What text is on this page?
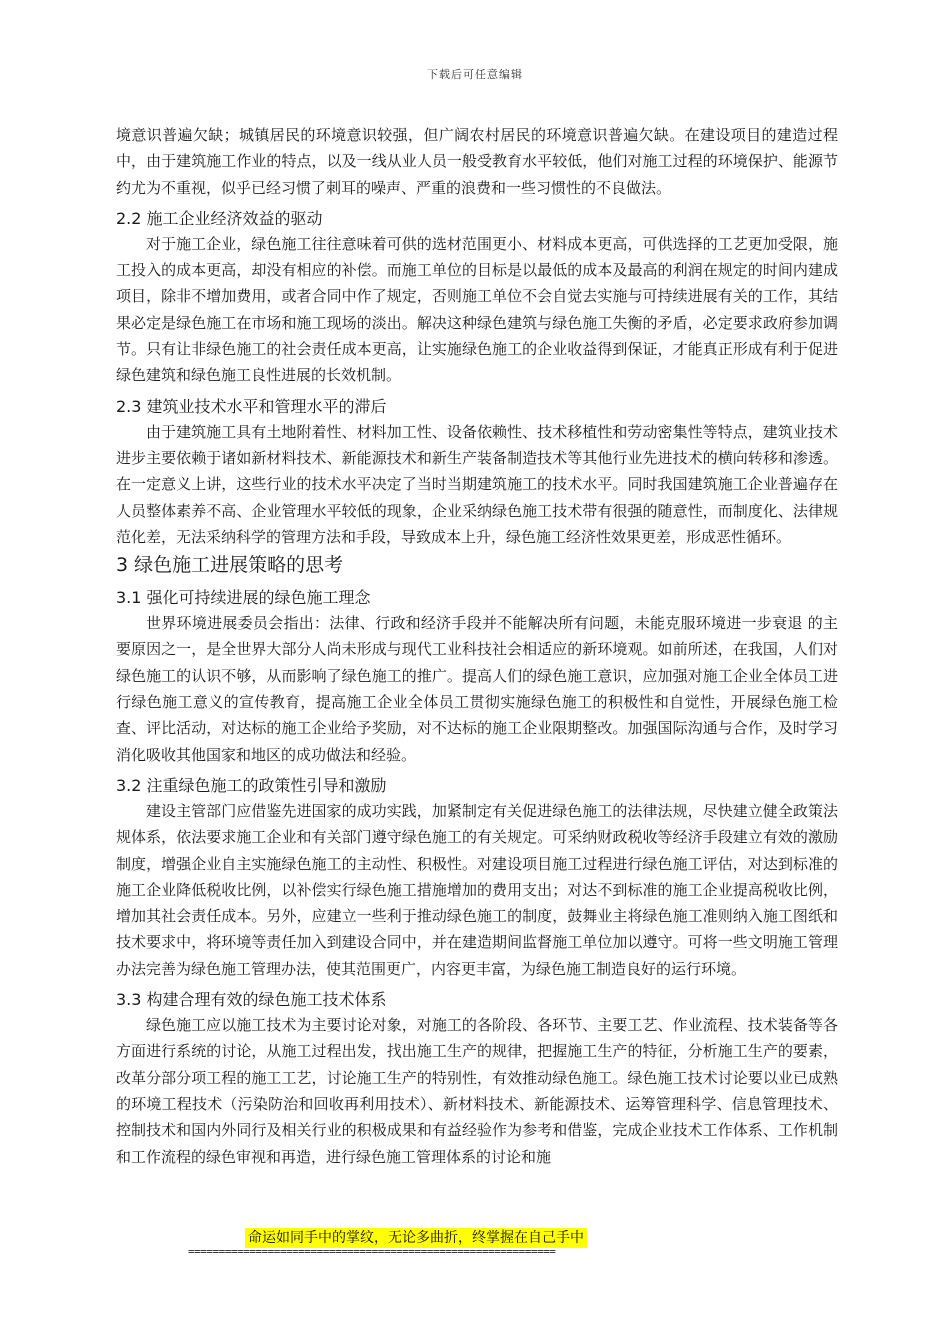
下载后可任意编辑

境意识普遍欠缺；城镇居民的环境意识较强，但广阔农村居民的环境意识普遍欠缺。在建设项目的建造过程中，由于建筑施工作业的特点，以及一线从业人员一般受教育水平较低，他们对施工过程的环境保护、能源节约尤为不重视，似乎已经习惯了刺耳的噪声、严重的浪费和一些习惯性的不良做法。

2.2 施工企业经济效益的驱动

对于施工企业，绿色施工往往意味着可供的选材范围更小、材料成本更高，可供选择的工艺更加受限，施工投入的成本更高，却没有相应的补偿。而施工单位的目标是以最低的成本及最高的利润在规定的时间内建成项目，除非不增加费用，或者合同中作了规定，否则施工单位不会自觉去实施与可持续进展有关的工作，其结果必定是绿色施工在市场和施工现场的淡出。解决这种绿色建筑与绿色施工失衡的矛盾，必定要求政府参加调节。只有让非绿色施工的社会责任成本更高，让实施绿色施工的企业收益得到保证，才能真正形成有利于促进绿色建筑和绿色施工良性进展的长效机制。

2.3 建筑业技术水平和管理水平的滞后

由于建筑施工具有土地附着性、材料加工性、设备依赖性、技术移植性和劳动密集性等特点，建筑业技术进步主要依赖于诸如新材料技术、新能源技术和新生产装备制造技术等其他行业先进技术的横向转移和渗透。在一定意义上讲，这些行业的技术水平决定了当时当期建筑施工的技术水平。同时我国建筑施工企业普遍存在人员整体素养不高、企业管理水平较低的现象，企业采纳绿色施工技术带有很强的随意性，而制度化、法律规范化差，无法采纳科学的管理方法和手段，导致成本上升，绿色施工经济性效果更差，形成恶性循环。

3 绿色施工进展策略的思考
3.1 强化可持续进展的绿色施工理念

世界环境进展委员会指出：法律、行政和经济手段并不能解决所有问题，未能克服环境进一步衰退 的主要原因之一，是全世界大部分人尚未形成与现代工业科技社会相适应的新环境观。如前所述，在我国，人们对绿色施工的认识不够，从而影响了绿色施工的推广。提高人们的绿色施工意识，应加强对施工企业全体员工进行绿色施工意义的宣传教育，提高施工企业全体员工贯彻实施绿色施工的积极性和自觉性，开展绿色施工检查、评比活动，对达标的施工企业给予奖励，对不达标的施工企业限期整改。加强国际沟通与合作，及时学习消化吸收其他国家和地区的成功做法和经验。

3.2 注重绿色施工的政策性引导和激励

建设主管部门应借鉴先进国家的成功实践，加紧制定有关促进绿色施工的法律法规，尽快建立健全政策法规体系，依法要求施工企业和有关部门遵守绿色施工的有关规定。可采纳财政税收等经济手段建立有效的激励制度，增强企业自主实施绿色施工的主动性、积极性。对建设项目施工过程进行绿色施工评估，对达到标准的施工企业降低税收比例，以补偿实行绿色施工措施增加的费用支出；对达不到标准的施工企业提高税收比例，增加其社会责任成本。另外，应建立一些利于推动绿色施工的制度，鼓舞业主将绿色施工准则纳入施工图纸和技术要求中，将环境等责任加入到建设合同中，并在建造期间监督施工单位加以遵守。可将一些文明施工管理办法完善为绿色施工管理办法，使其范围更广，内容更丰富，为绿色施工制造良好的运行环境。

3.3 构建合理有效的绿色施工技术体系

绿色施工应以施工技术为主要讨论对象，对施工的各阶段、各环节、主要工艺、作业流程、技术装备等各方面进行系统的讨论，从施工过程出发，找出施工生产的规律，把握施工生产的特征，分析施工生产的要素，改革分部分项工程的施工工艺，讨论施工生产的特别性，有效推动绿色施工。绿色施工技术讨论要以业已成熟的环境工程技术（污染防治和回收再利用技术）、新材料技术、新能源技术、运筹管理科学、信息管理技术、控制技术和国内外同行及相关行业的积极成果和有益经验作为参考和借鉴，完成企业技术工作体系、工作机制和工作流程的绿色审视和再造，进行绿色施工管理体系的讨论和施

命运如同手中的掌纹，无论多曲折，终掌握在自己手中
============================================================
